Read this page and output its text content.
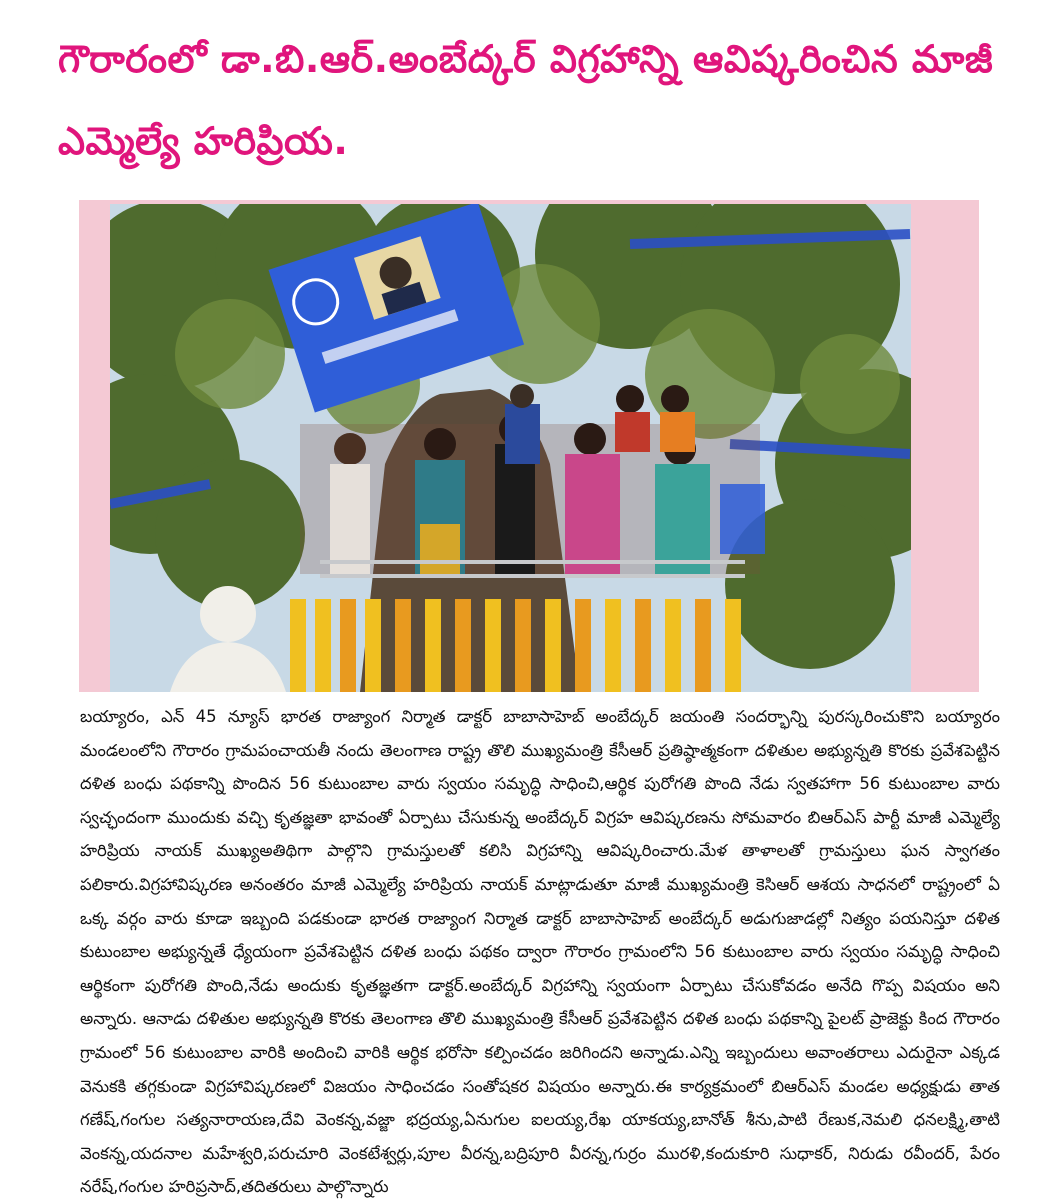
గౌరారంలో డా.బి.ఆర్.అంబేద్కర్ విగ్రహాన్ని ఆవిష్కరించిన మాజీ ఎమ్మెల్యే హరిప్రియ.

బయ్యారం, ఎన్ 45 న్యూస్ భారత రాజ్యాంగ నిర్మాత డాక్టర్ బాబాసాహెబ్ అంబేద్కర్ జయంతి సందర్భాన్ని పురస్కరించుకొని బయ్యారం మండలంలోని గౌరారం గ్రామపంచాయతీ నందు తెలంగాణ రాష్ట్ర తొలి ముఖ్యమంత్రి కేసీఆర్ ప్రతిష్ఠాత్మకంగా దళితుల అభ్యున్నతి కొరకు ప్రవేశపెట్టిన దళిత బంధు పథకాన్ని పొందిన 56 కుటుంబాల వారు స్వయం సమృద్ధి సాధించి,ఆర్థిక పురోగతి పొంది నేడు స్వతహాగా 56 కుటుంబాల వారు స్వచ్ఛందంగా ముందుకు వచ్చి కృతజ్ఞతా భావంతో ఏర్పాటు చేసుకున్న అంబేద్కర్ విగ్రహ ఆవిష్కరణను సోమవారం బిఆర్ఎస్ పార్టీ మాజీ ఎమ్మెల్యే హరిప్రియ నాయక్ ముఖ్యఅతిథిగా పాల్గొని గ్రామస్తులతో కలిసి విగ్రహాన్ని ఆవిష్కరించారు.మేళ తాళాలతో గ్రామస్తులు ఘన స్వాగతం పలికారు.విగ్రహావిష్కరణ అనంతరం మాజీ ఎమ్మెల్యే హరిప్రియ నాయక్ మాట్లాడుతూ మాజీ ముఖ్యమంత్రి కెసిఆర్ ఆశయ సాధనలో రాష్ట్రంలో ఏ ఒక్క వర్గం వారు కూడా ఇబ్బంది పడకుండా భారత రాజ్యాంగ నిర్మాత డాక్టర్ బాబాసాహెబ్ అంబేద్కర్ అడుగుజాడల్లో నిత్యం పయనిస్తూ దళిత కుటుంబాల అభ్యున్నతే ధ్యేయంగా ప్రవేశపెట్టిన దళిత బంధు పథకం ద్వారా గౌరారం గ్రామంలోని 56 కుటుంబాల వారు స్వయం సమృద్ధి సాధించి ఆర్థికంగా పురోగతి పొంది,నేడు అందుకు కృతజ్ఞతగా డాక్టర్.అంబేద్కర్ విగ్రహాన్ని స్వయంగా ఏర్పాటు చేసుకోవడం అనేది గొప్ప విషయం అని అన్నారు. ఆనాడు దళితుల అభ్యున్నతి కొరకు తెలంగాణ తొలి ముఖ్యమంత్రి కేసీఆర్ ప్రవేశపెట్టిన దళిత బంధు పథకాన్ని పైలట్ ప్రాజెక్టు కింద గౌరారం గ్రామంలో 56 కుటుంబాల వారికి అందించి వారికి ఆర్థిక భరోసా కల్పించడం జరిగిందని అన్నాడు.ఎన్ని ఇబ్బందులు అవాంతరాలు ఎదురైనా ఎక్కడ వెనుకకి తగ్గకుండా విగ్రహావిష్కరణలో విజయం సాధించడం సంతోషకర విషయం అన్నారు.ఈ కార్యక్రమంలో బిఆర్ఎస్ మండల అధ్యక్షుడు తాత గణేష్,గంగుల సత్యనారాయణ,దేవి వెంకన్న,వజ్జా భద్రయ్య,ఏనుగుల ఐలయ్య,రేఖ యాకయ్య,బానోత్ శీను,పాటి రేణుక,నెమలి ధనలక్ష్మి,తాటి వెంకన్న,యదనాల మహేశ్వరి,పరుచూరి వెంకటేశ్వర్లు,పూల వీరన్న,బద్రిపూరి వీరన్న,గుర్రం మురళి,కందుకూరి సుధాకర్, నిరుడు రవీందర్, పేరం నరేష్,గంగుల హరిప్రసాద్,తదితరులు పాల్గొన్నారు
